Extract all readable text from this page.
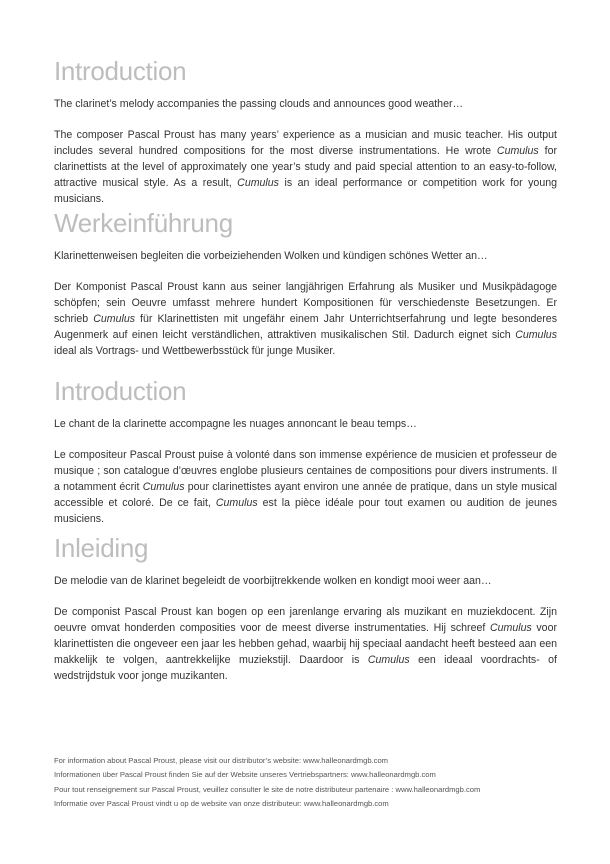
Introduction

The clarinet’s melody accompanies the passing clouds and announces good weather…

The composer Pascal Proust has many years’ experience as a musician and music teacher. His output includes several hundred compositions for the most diverse instrumentations. He wrote Cumulus for clarinettists at the level of approximately one year’s study and paid special attention to an easy-to-follow, attractive musical style. As a result, Cumulus is an ideal performance or competition work for young musicians.

Werkeinführung

Klarinettenweisen begleiten die vorbeiziehenden Wolken und kündigen schönes Wetter an…

Der Komponist Pascal Proust kann aus seiner langjährigen Erfahrung als Musiker und Musikpädagoge schöpfen; sein Oeuvre umfasst mehrere hundert Kompositionen für verschiedenste Besetzungen. Er schrieb Cumulus für Klarinettisten mit ungefähr einem Jahr Unterrichtserfahrung und legte besonderes Augenmerk auf einen leicht verständlichen, attraktiven musikalischen Stil. Dadurch eignet sich Cumulus ideal als Vortrags- und Wettbewerbsstück für junge Musiker.

Introduction

Le chant de la clarinette accompagne les nuages annoncant le beau temps…

Le compositeur Pascal Proust puise à volonté dans son immense expérience de musicien et professeur de musique ; son catalogue d’œuvres englobe plusieurs centaines de compositions pour divers instruments. Il a notamment écrit Cumulus pour clarinettistes ayant environ une année de pratique, dans un style musical accessible et coloré. De ce fait, Cumulus est la pièce idéale pour tout examen ou audition de jeunes musiciens.

Inleiding

De melodie van de klarinet begeleidt de voorbijtrekkende wolken en kondigt mooi weer aan…

De componist Pascal Proust kan bogen op een jarenlange ervaring als muzikant en muziekdocent. Zijn oeuvre omvat honderden composities voor de meest diverse instrumentaties. Hij schreef Cumulus voor klarinettisten die ongeveer een jaar les hebben gehad, waarbij hij speciaal aandacht heeft besteed aan een makkelijk te volgen, aantrekkelijke muziekstijl. Daardoor is Cumulus een ideaal voordrachts- of wedstrijdstuk voor jonge muzikanten.

For information about Pascal Proust, please visit our distributor’s website: www.halleonardmgb.com
Informationen über Pascal Proust finden Sie auf der Website unseres Vertriebspartners: www.halleonardmgb.com
Pour tout renseignement sur Pascal Proust, veuillez consulter le site de notre distributeur partenaire : www.halleonardmgb.com
Informatie over Pascal Proust vindt u op de website van onze distributeur: www.halleonardmgb.com
